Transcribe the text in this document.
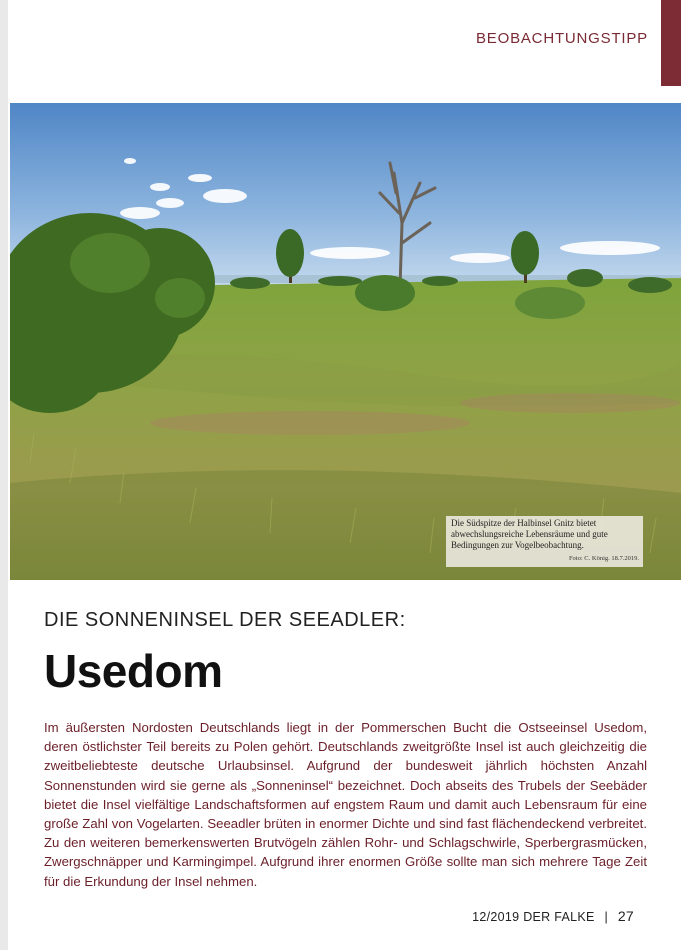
BEOBACHTUNGSTIPP
Die Südspitze der Halbinsel Gnitz bietet abwechslungsreiche Lebensräume und gute Bedingungen zur Vogelbeobachtung.
Foto: C. König. 18.7.2019.
DIE SONNENINSEL DER SEEADLER:
Usedom

Im äußersten Nordosten Deutschlands liegt in der Pommerschen Bucht die Ostseeinsel Usedom, deren östlichster Teil bereits zu Polen gehört. Deutschlands zweitgrößte Insel ist auch gleichzeitig die zweitbeliebteste deutsche Urlaubsinsel. Aufgrund der bundesweit jährlich höchsten Anzahl Sonnenstunden wird sie gerne als „Sonneninsel“ bezeichnet. Doch abseits des Trubels der Seebäder bietet die Insel vielfältige Landschaftsformen auf engstem Raum und damit auch Lebensraum für eine große Zahl von Vogelarten. Seeadler brüten in enormer Dichte und sind fast flächendeckend verbreitet. Zu den weiteren bemerkenswerten Brutvögeln zählen Rohr- und Schlagschwirle, Sperbergrasmücken, Zwergschnäpper und Karmingimpel. Aufgrund ihrer enormen Größe sollte man sich mehrere Tage Zeit für die Erkundung der Insel nehmen.

12/2019 DER FALKE | 27
